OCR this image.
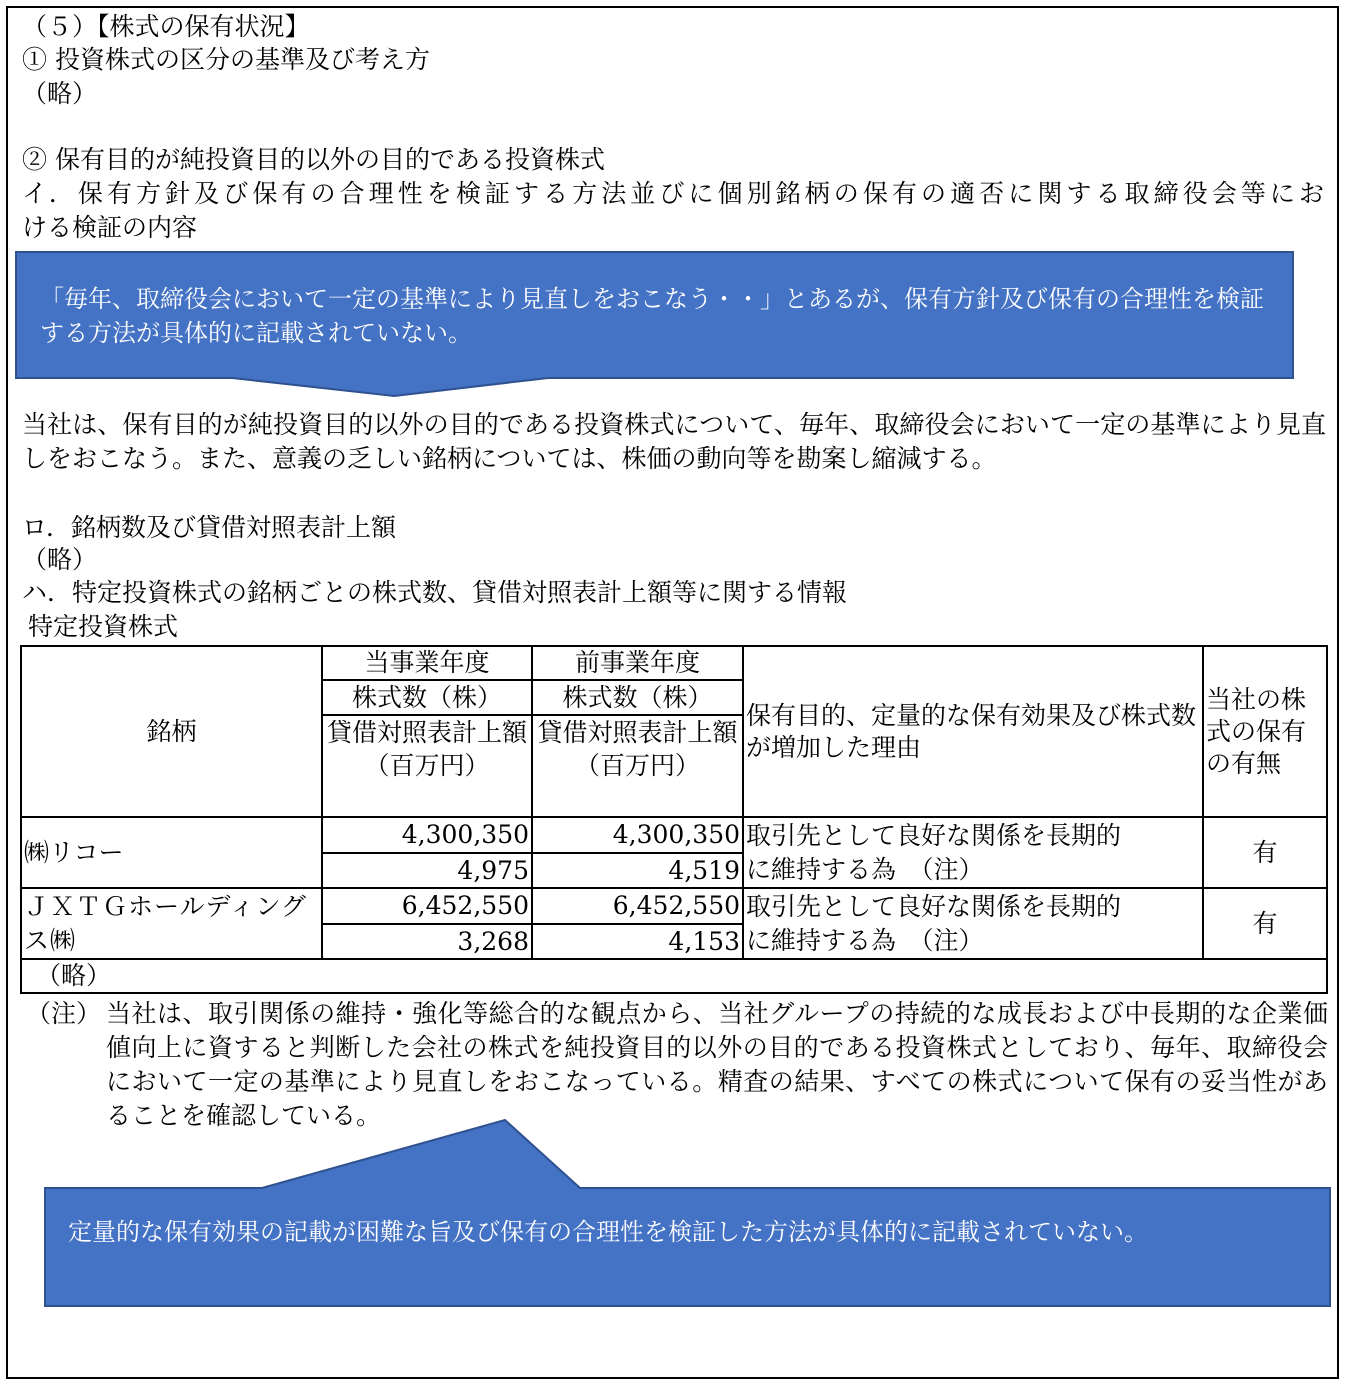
（５）【株式の保有状況】
① 投資株式の区分の基準及び考え方
（略）
② 保有目的が純投資目的以外の目的である投資株式
イ．保有方針及び保有の合理性を検証する方法並びに個別銘柄の保有の適否に関する取締役会等にお
ける検証の内容
「毎年、取締役会において一定の基準により見直しをおこなう・・」とあるが、保有方針及び保有の合理性を検証する方法が具体的に記載されていない。
当社は、保有目的が純投資目的以外の目的である投資株式について、毎年、取締役会において一定の基準により見直しをおこなう。また、意義の乏しい銘柄については、株価の動向等を勘案し縮減する。
ロ．銘柄数及び貸借対照表計上額
（略）
ハ．特定投資株式の銘柄ごとの株式数、貸借対照表計上額等に関する情報
特定投資株式
銘柄	当事業年度	前事業年度	保有目的、定量的な保有効果及び株式数が増加した理由	当社の株式の保有の有無
	株式数（株）	株式数（株）		
	貸借対照表計上額
（百万円）	貸借対照表計上額
（百万円）		
㈱リコー	4,300,350	4,300,350	取引先として良好な関係を長期的
に維持する為　（注）	有
	4,975	4,519		
ＪＸＴＧホールディングス㈱	6,452,550	6,452,550	取引先として良好な関係を長期的
に維持する為　（注）	有
	3,268	4,153		
（略）				
（注） 当社は、取引関係の維持・強化等総合的な観点から、当社グループの持続的な成長および中長期的な企業価値向上に資すると判断した会社の株式を純投資目的以外の目的である投資株式としており、毎年、取締役会において一定の基準により見直しをおこなっている。精査の結果、すべての株式について保有の妥当性があることを確認している。
定量的な保有効果の記載が困難な旨及び保有の合理性を検証した方法が具体的に記載されていない。
